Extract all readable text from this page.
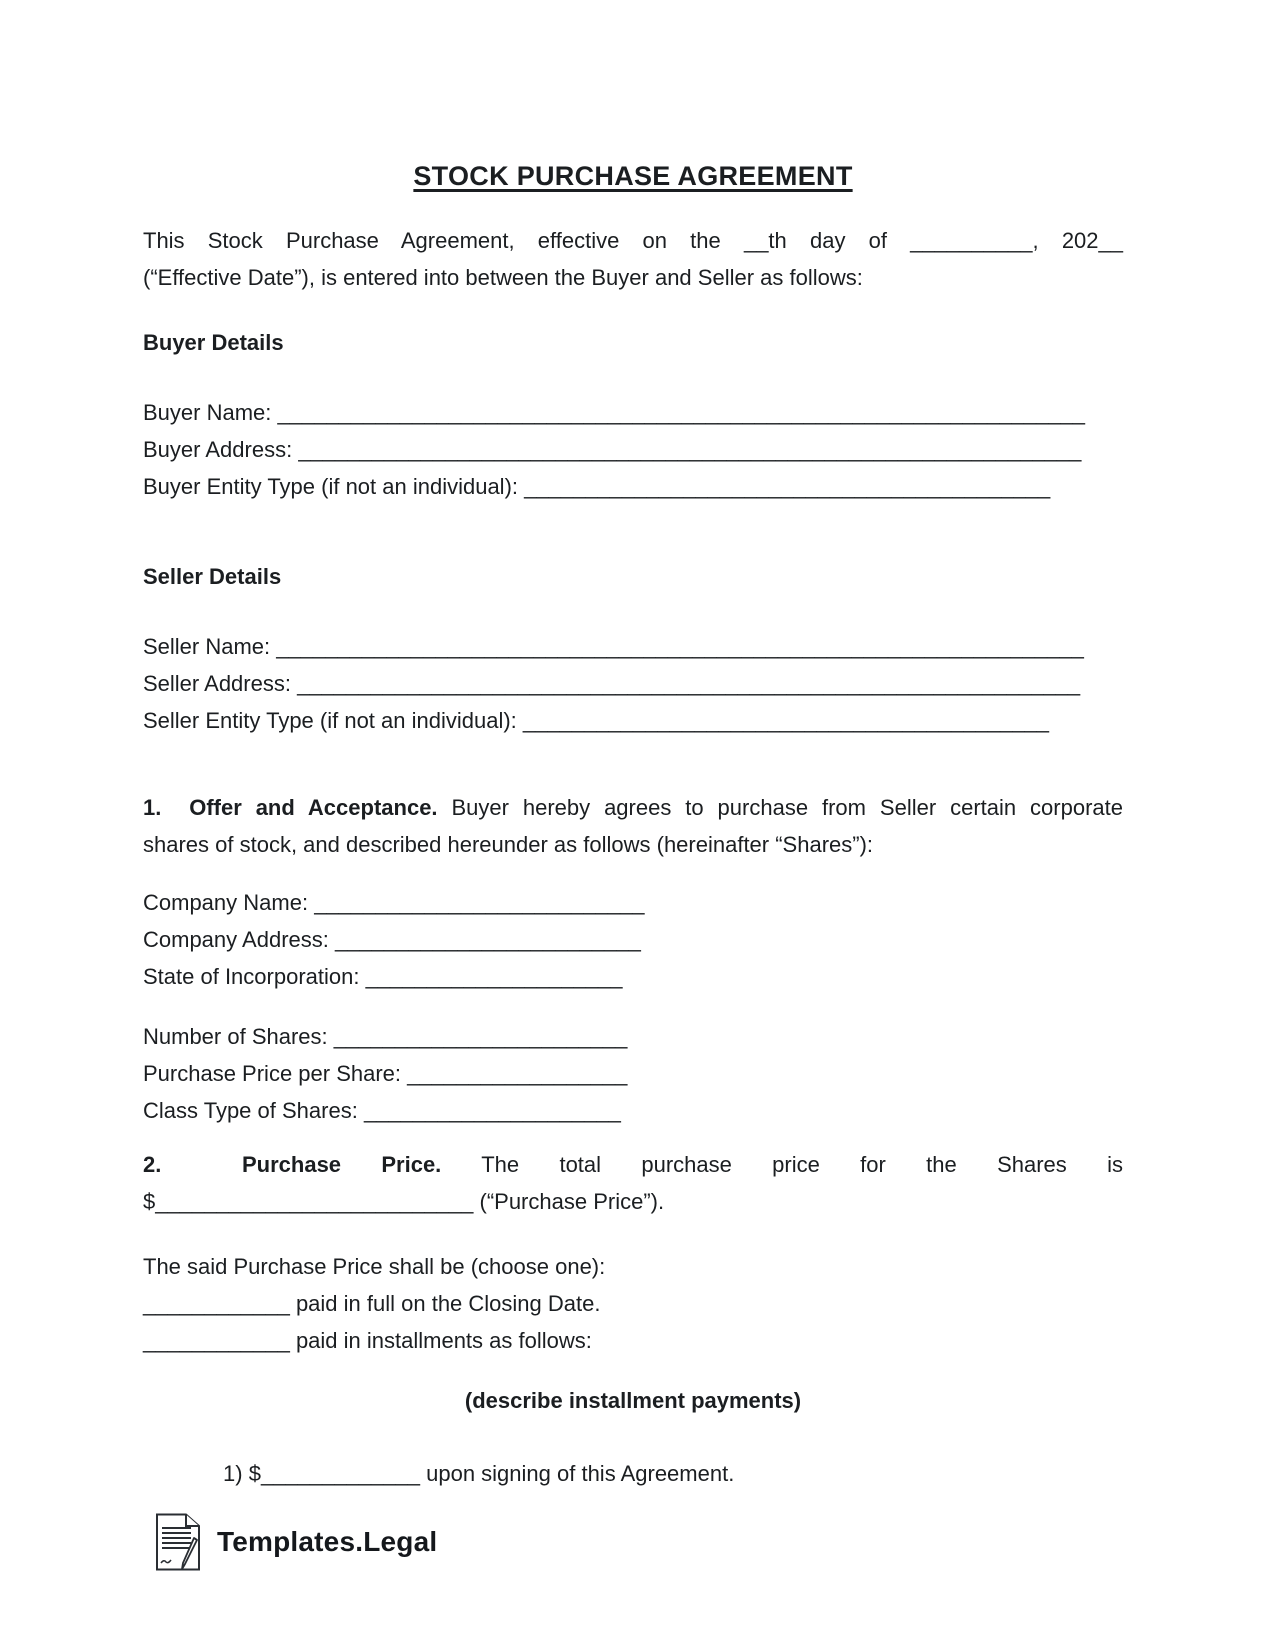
STOCK PURCHASE AGREEMENT
This Stock Purchase Agreement, effective on the __th day of __________, 202__
(“Effective Date”), is entered into between the Buyer and Seller as follows:
Buyer Details
Buyer Name: __________________________________________________________________
Buyer Address: ________________________________________________________________
Buyer Entity Type (if not an individual): ___________________________________________
Seller Details
Seller Name: __________________________________________________________________
Seller Address: ________________________________________________________________
Seller Entity Type (if not an individual): ___________________________________________
1.  Offer and Acceptance. Buyer hereby agrees to purchase from Seller certain corporate
shares of stock, and described hereunder as follows (hereinafter “Shares”):
Company Name: ___________________________
Company Address: _________________________
State of Incorporation: _____________________
Number of Shares: ________________________
Purchase Price per Share: __________________
Class Type of Shares: _____________________
2.  Purchase Price. The total purchase price for the Shares is
$__________________________ (“Purchase Price”).
The said Purchase Price shall be (choose one):
____________ paid in full on the Closing Date.
____________ paid in installments as follows:
(describe installment payments)
1) $_____________ upon signing of this Agreement.
Templates.Legal
